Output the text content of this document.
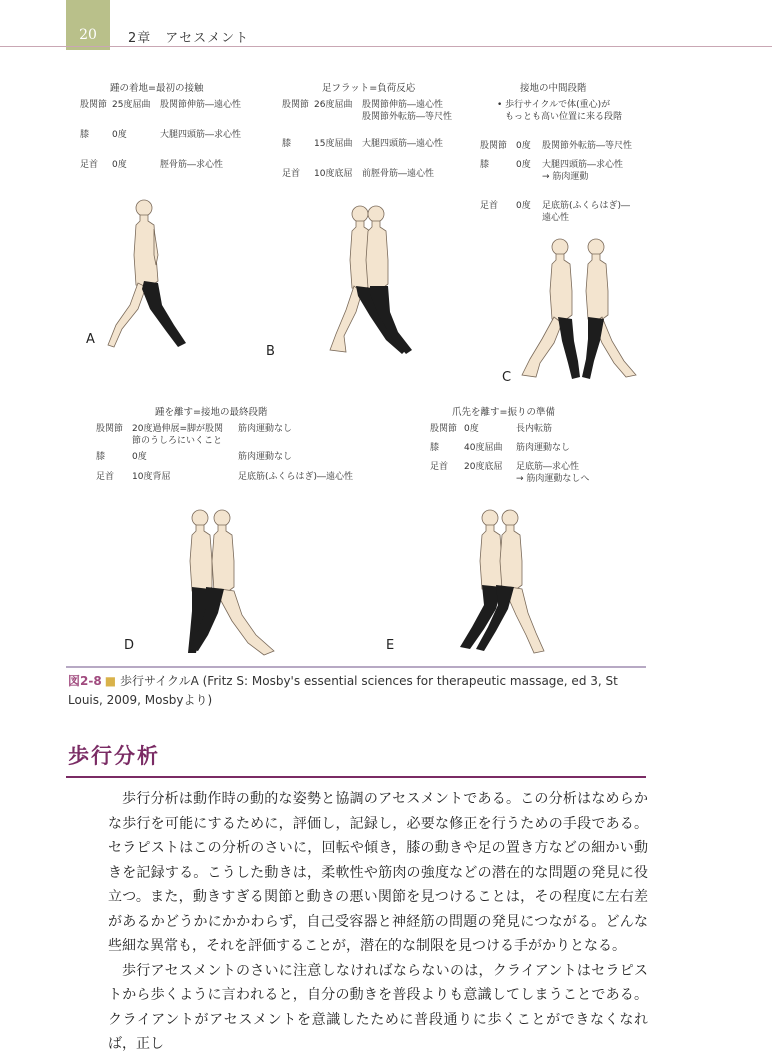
20	2章　アセスメント
踵の着地=最初の接触
股関節 25度屈曲 股関節伸筋―遠心性
膝	0度	大腿四頭筋―求心性
足首 0度	脛骨筋―求心性
足フラット=負荷反応
股関節 26度屈曲 股関節伸筋―遠心性
股関節外転筋―等尺性
膝	15度屈曲 大腿四頭筋―遠心性
足首 10度底屈 前脛骨筋―遠心性
接地の中間段階
• 歩行サイクルで体(重心)が
もっとも高い位置に来る段階
股関節 0度 股関節外転筋―等尺性
膝	0度 大腿四頭筋―求心性
→ 筋肉運動
足首 0度 足底筋(ふくらはぎ)―
遠心性
踵を離す=接地の最終段階
股関節 20度過伸展=脚が股関 筋肉運動なし
節のうしろにいくこと
膝	0度	筋肉運動なし
足首 10度背屈	足底筋(ふくらはぎ)―遠心性
爪先を離す=振りの準備
股関節 0度	長内転筋
膝	40度屈曲 筋肉運動なし
足首 20度底屈 足底筋―求心性
→ 筋肉運動なしへ
A
B
C
D	E
図2-8 ■ 歩行サイクルA (Fritz S: Mosby's essential sciences for therapeutic massage, ed 3, St Louis, 2009, Mosbyより)
歩行分析

歩行分析は動作時の動的な姿勢と協調のアセスメントである。この分析はなめらかな歩行を可能にするために，評価し，記録し，必要な修正を行うための手段である。セラピストはこの分析のさいに，回転や傾き，膝の動きや足の置き方などの細かい動きを記録する。こうした動きは，柔軟性や筋肉の強度などの潜在的な問題の発見に役立つ。また，動きすぎる関節と動きの悪い関節を見つけることは，その程度に左右差があるかどうかにかかわらず，自己受容器と神経筋の問題の発見につながる。どんな些細な異常も，それを評価することが，潜在的な制限を見つける手がかりとなる。

歩行アセスメントのさいに注意しなければならないのは，クライアントはセラピストから歩くように言われると，自分の動きを普段よりも意識してしまうことである。クライアントがアセスメントを意識したために普段通りに歩くことができなくなれば，正し
